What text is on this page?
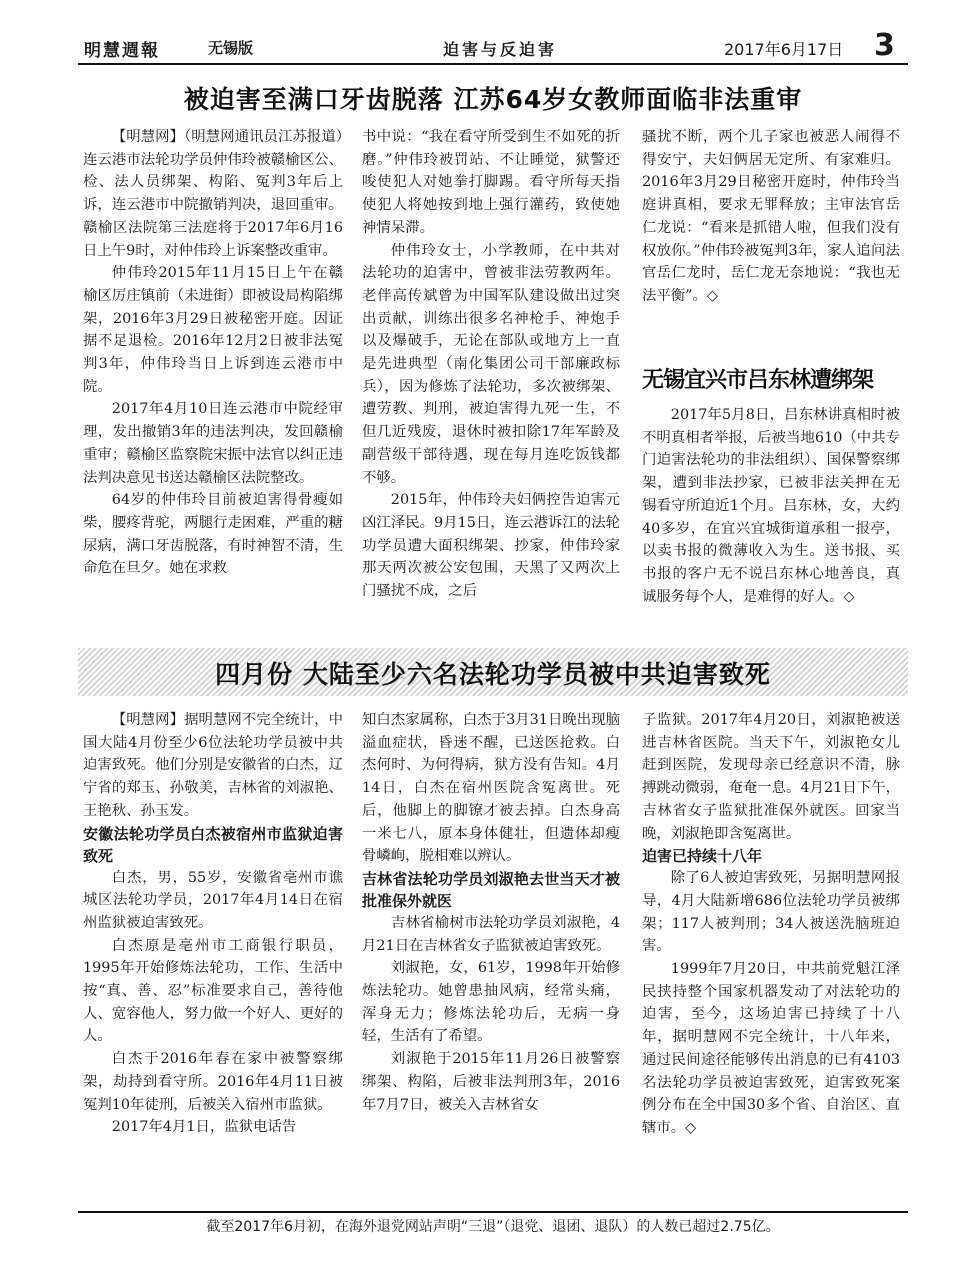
明慧週報	无锡版	迫害与反迫害	2017年6月17日 3
被迫害至满口牙齿脱落 江苏64岁女教师面临非法重审

【明慧网】（明慧网通讯员江苏报道）连云港市法轮功学员仲伟玲被赣榆区公、检、法人员绑架、构陷、冤判3年后上诉，连云港市中院撤销判决，退回重审。赣榆区法院第三法庭将于2017年6月16日上午9时，对仲伟玲上诉案整改重审。

仲伟玲2015年11月15日上午在赣榆区厉庄镇前（未进街）即被设局构陷绑架，2016年3月29日被秘密开庭。因证据不足退检。2016年12月2日被非法冤判3年，仲伟玲当日上诉到连云港市中院。

2017年4月10日连云港市中院经审理，发出撤销3年的违法判决，发回赣榆重审；赣榆区监察院宋振中法官以纠正违法判决意见书送达赣榆区法院整改。

64岁的仲伟玲目前被迫害得骨瘦如柴，腰疼背驼，两腿行走困难，严重的糖尿病，满口牙齿脱落，有时神智不清，生命危在旦夕。她在求救

书中说：“我在看守所受到生不如死的折磨。”仲伟玲被罚站、不让睡觉，狱警还唆使犯人对她拳打脚踢。看守所每天指使犯人将她按到地上强行灌药，致使她神情呆滞。

仲伟玲女士，小学教师，在中共对法轮功的迫害中，曾被非法劳教两年。老伴高传斌曾为中国军队建设做出过突出贡献，训练出很多名神枪手、神炮手以及爆破手，无论在部队或地方上一直是先进典型（南化集团公司干部廉政标兵），因为修炼了法轮功，多次被绑架、遭劳教、判刑，被迫害得九死一生，不但几近残废，退休时被扣除17年军龄及副营级干部待遇，现在每月连吃饭钱都不够。

2015年，仲伟玲夫妇俩控告迫害元凶江泽民。9月15日，连云港诉江的法轮功学员遭大面积绑架、抄家，仲伟玲家那天两次被公安包围，天黑了又两次上门骚扰不成，之后

骚扰不断，两个儿子家也被恶人闹得不得安宁，夫妇俩居无定所、有家难归。2016年3月29日秘密开庭时，仲伟玲当庭讲真相，要求无罪释放；主审法官岳仁龙说：“看来是抓错人啦，但我们没有权放你。”仲伟玲被冤判3年，家人追问法官岳仁龙时，岳仁龙无奈地说：“我也无法平衡”。◇

无锡宜兴市吕东林遭绑架

2017年5月8日，吕东林讲真相时被不明真相者举报，后被当地610（中共专门迫害法轮功的非法组织）、国保警察绑架，遭到非法抄家，已被非法关押在无锡看守所迫近1个月。吕东林，女，大约40多岁，在宜兴宜城街道承租一报亭，以卖书报的微薄收入为生。送书报、买书报的客户无不说吕东林心地善良，真诚服务每个人，是难得的好人。◇

四月份 大陆至少六名法轮功学员被中共迫害致死

【明慧网】据明慧网不完全统计，中国大陆4月份至少6位法轮功学员被中共迫害致死。他们分别是安徽省的白杰，辽宁省的郑玉、孙敬美，吉林省的刘淑艳、王艳秋、孙玉发。

安徽法轮功学员白杰被宿州市监狱迫害致死

白杰，男，55岁，安徽省亳州市谯城区法轮功学员，2017年4月14日在宿州监狱被迫害致死。

白杰原是亳州市工商银行职员，1995年开始修炼法轮功，工作、生活中按“真、善、忍”标准要求自己，善待他人、宽容他人，努力做一个好人、更好的人。

白杰于2016年春在家中被警察绑架，劫持到看守所。2016年4月11日被冤判10年徒刑，后被关入宿州市监狱。

2017年4月1日，监狱电话告

知白杰家属称，白杰于3月31日晚出现脑溢血症状，昏迷不醒，已送医抢救。白杰何时、为何得病，狱方没有告知。4月14日，白杰在宿州医院含冤离世。死后，他脚上的脚镣才被去掉。白杰身高一米七八，原本身体健壮，但遗体却瘦骨嶙峋，脱相难以辨认。

吉林省法轮功学员刘淑艳去世当天才被批准保外就医

吉林省榆树市法轮功学员刘淑艳，4月21日在吉林省女子监狱被迫害致死。

刘淑艳，女，61岁，1998年开始修炼法轮功。她曾患抽风病，经常头痛，浑身无力；修炼法轮功后，无病一身轻，生活有了希望。

刘淑艳于2015年11月26日被警察绑架、构陷，后被非法判刑3年，2016年7月7日，被关入吉林省女

子监狱。2017年4月20日，刘淑艳被送进吉林省医院。当天下午，刘淑艳女儿赶到医院，发现母亲已经意识不清，脉搏跳动微弱，奄奄一息。4月21日下午，吉林省女子监狱批准保外就医。回家当晚，刘淑艳即含冤离世。

迫害已持续十八年

除了6人被迫害致死，另据明慧网报导，4月大陆新增686位法轮功学员被绑架；117人被判刑；34人被送洗脑班迫害。

1999年7月20日，中共前党魁江泽民挟持整个国家机器发动了对法轮功的迫害，至今，这场迫害已持续了十八年，据明慧网不完全统计，十八年来，通过民间途径能够传出消息的已有4103名法轮功学员被迫害致死，迫害致死案例分布在全中国30多个省、自治区、直辖市。◇

截至2017年6月初，在海外退党网站声明“三退”（退党、退团、退队）的人数已超过2.75亿。
